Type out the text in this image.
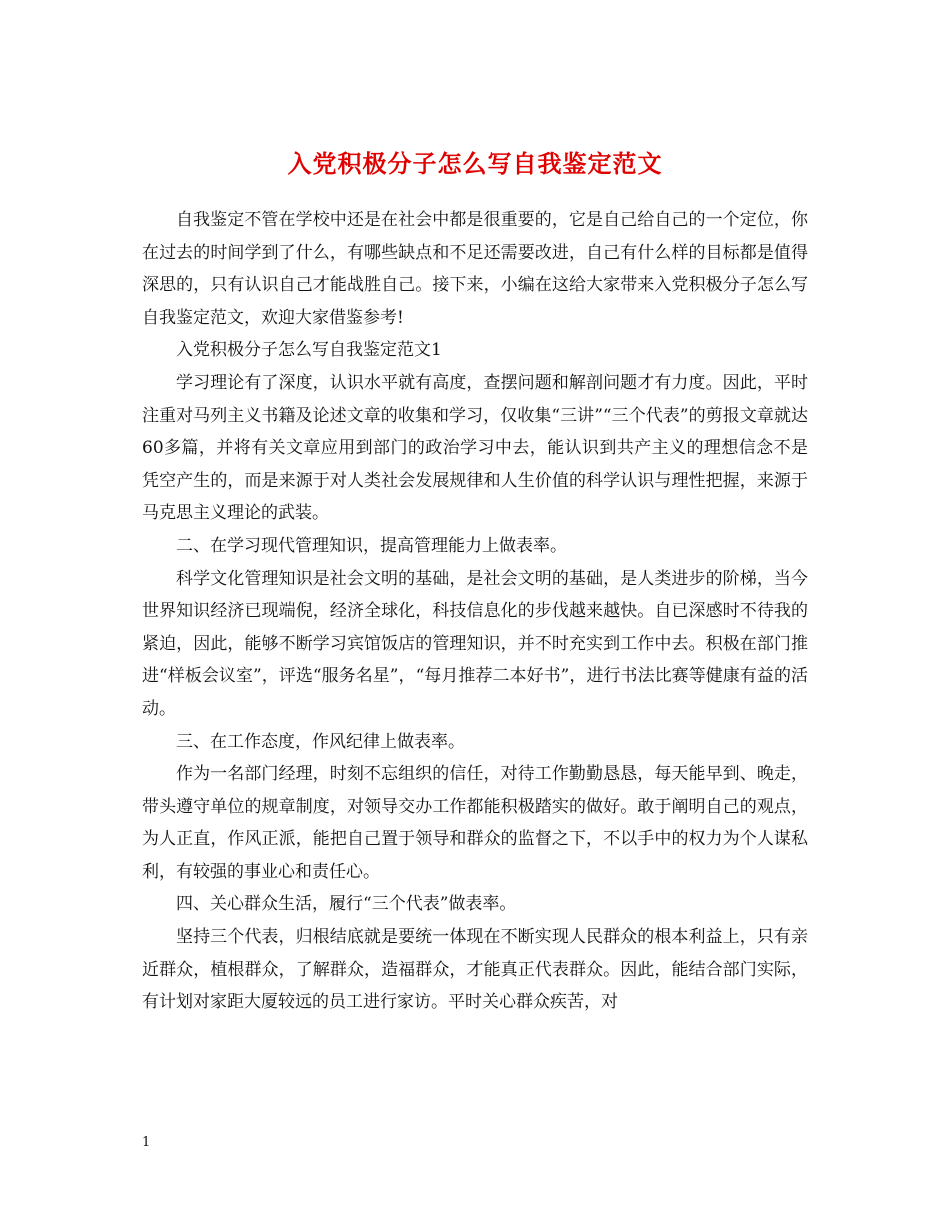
入党积极分子怎么写自我鉴定范文

自我鉴定不管在学校中还是在社会中都是很重要的，它是自己给自己的一个定位，你在过去的时间学到了什么，有哪些缺点和不足还需要改进，自己有什么样的目标都是值得深思的，只有认识自己才能战胜自己。接下来，小编在这给大家带来入党积极分子怎么写自我鉴定范文，欢迎大家借鉴参考!

入党积极分子怎么写自我鉴定范文1

学习理论有了深度，认识水平就有高度，查摆问题和解剖问题才有力度。因此，平时注重对马列主义书籍及论述文章的收集和学习，仅收集“三讲”“三个代表”的剪报文章就达60多篇，并将有关文章应用到部门的政治学习中去，能认识到共产主义的理想信念不是凭空产生的，而是来源于对人类社会发展规律和人生价值的科学认识与理性把握，来源于马克思主义理论的武装。

二、在学习现代管理知识，提高管理能力上做表率。

科学文化管理知识是社会文明的基础，是社会文明的基础，是人类进步的阶梯，当今世界知识经济已现端倪，经济全球化，科技信息化的步伐越来越快。自已深感时不待我的紧迫，因此，能够不断学习宾馆饭店的管理知识，并不时充实到工作中去。积极在部门推进“样板会议室”，评选“服务名星”，“每月推荐二本好书”，进行书法比赛等健康有益的活动。

三、在工作态度，作风纪律上做表率。

作为一名部门经理，时刻不忘组织的信任，对待工作勤勤恳恳，每天能早到、晚走，带头遵守单位的规章制度，对领导交办工作都能积极踏实的做好。敢于阐明自己的观点，为人正直，作风正派，能把自己置于领导和群众的监督之下，不以手中的权力为个人谋私利，有较强的事业心和责任心。

四、关心群众生活，履行“三个代表”做表率。

坚持三个代表，归根结底就是要统一体现在不断实现人民群众的根本利益上，只有亲近群众，植根群众，了解群众，造福群众，才能真正代表群众。因此，能结合部门实际，有计划对家距大厦较远的员工进行家访。平时关心群众疾苦，对

1
